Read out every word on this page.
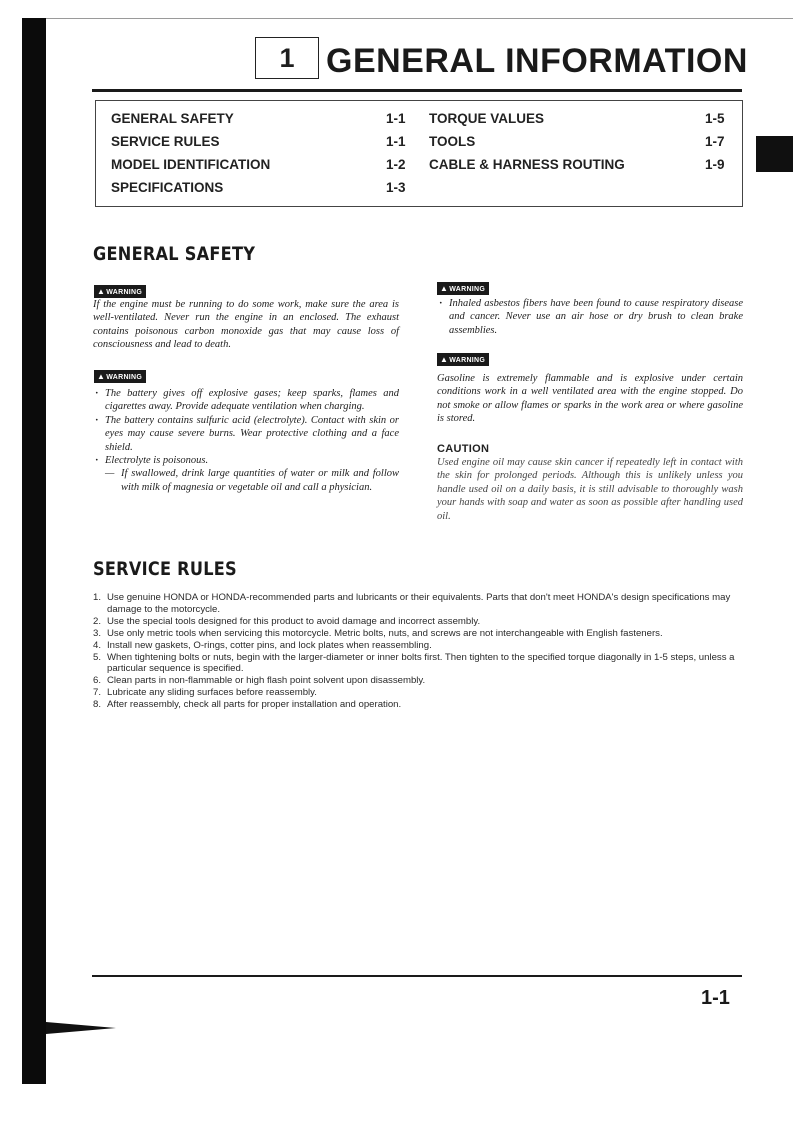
1 GENERAL INFORMATION
GENERAL SAFETY	1-1
SERVICE RULES	1-1
MODEL IDENTIFICATION	1-2
SPECIFICATIONS	1-3
TORQUE VALUES	1-5
TOOLS	1-7
CABLE & HARNESS ROUTING	1-9
GENERAL SAFETY
▲WARNING

If the engine must be running to do some work, make sure the area is well-ventilated. Never run the engine in an enclosed. The exhaust contains poisonous carbon monoxide gas that may cause loss of consciousness and lead to death.

▲WARNING
· The battery gives off explosive gases; keep sparks, flames and cigarettes away. Provide adequate ventilation when charging.
· The battery contains sulfuric acid (electrolyte). Contact with skin or eyes may cause severe burns. Wear protective clothing and a face shield.
· Electrolyte is poisonous.

— If swallowed, drink large quantities of water or milk and follow with milk of magnesia or vegetable oil and call a physician.

▲WARNING
· Inhaled asbestos fibers have been found to cause respiratory disease and cancer. Never use an air hose or dry brush to clean brake assemblies.
▲WARNING

Gasoline is extremely flammable and is explosive under certain conditions work in a well ventilated area with the engine stopped. Do not smoke or allow flames or sparks in the work area or where gasoline is stored.

CAUTION

Used engine oil may cause skin cancer if repeatedly left in contact with the skin for prolonged periods. Although this is unlikely unless you handle used oil on a daily basis, it is still advisable to thoroughly wash your hands with soap and water as soon as possible after handling used oil.

SERVICE RULES
1. Use genuine HONDA or HONDA-recommended parts and lubricants or their equivalents. Parts that don't meet HONDA's design specifications may damage to the motorcycle.
2. Use the special tools designed for this product to avoid damage and incorrect assembly.
3. Use only metric tools when servicing this motorcycle. Metric bolts, nuts, and screws are not interchangeable with English fasteners.
4. Install new gaskets, O-rings, cotter pins, and lock plates when reassembling.
5. When tightening bolts or nuts, begin with the larger-diameter or inner bolts first. Then tighten to the specified torque diagonally in 1-5 steps, unless a particular sequence is specified.
6. Clean parts in non-flammable or high flash point solvent upon disassembly.
7. Lubricate any sliding surfaces before reassembly.
8. After reassembly, check all parts for proper installation and operation.
1-1
